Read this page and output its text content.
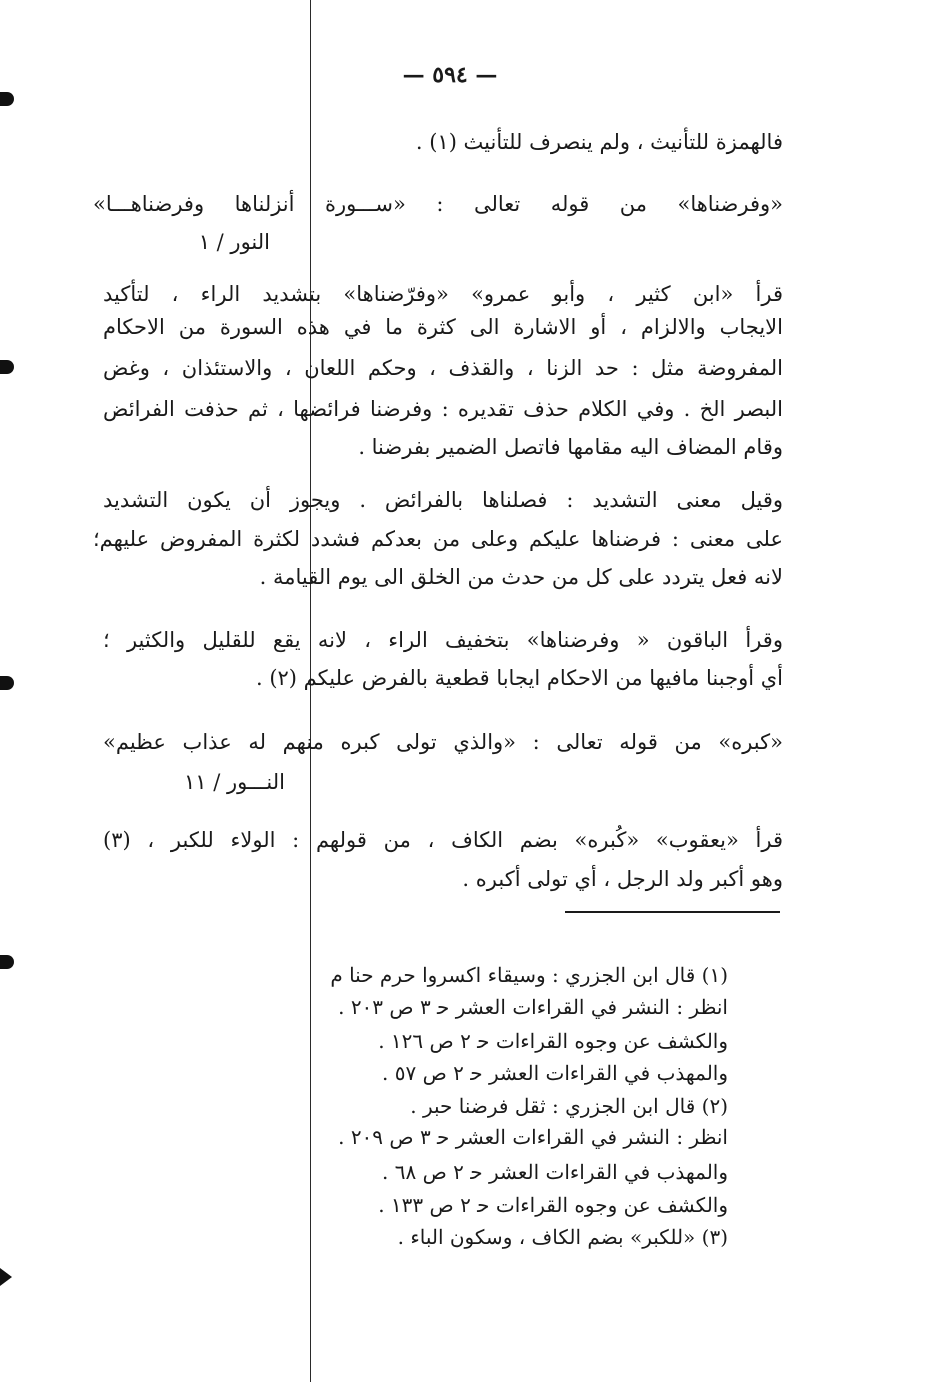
— ٥٩٤ —

فالهمزة للتأنيث ، ولم ينصرف للتأنيث (١) .

«وفرضناها» من قوله تعالى : «ســـورة أنزلناها وفرضناهـــا»

النور / ١

قرأ «ابن كثير ، وأبو عمرو» «وفرّضناها» بتشديد الراء ، لتأكيد

الايجاب والالزام ، أو الاشارة الى كثرة ما في هذه السورة من الاحكام

المفروضة مثل : حد الزنا ، والقذف ، وحكم اللعان ، والاستئذان ، وغض

البصر الخ . وفي الكلام حذف تقديره : وفرضنا فرائضها ، ثم حذفت الفرائض

وقام المضاف اليه مقامها فاتصل الضمير بفرضنا .

وقيل معنى التشديد : فصلناها بالفرائض . ويجوز أن يكون التشديد

على معنى : فرضناها عليكم وعلى من بعدكم فشدد لكثرة المفروض عليهم؛

لانه فعل يتردد على كل من حدث من الخلق الى يوم القيامة .

وقرأ الباقون « وفرضناها» بتخفيف الراء ، لانه يقع للقليل والكثير ؛

أي أوجبنا مافيها من الاحكام ايجابا قطعية بالفرض عليكم (٢) .

«كبره» من قوله تعالى : «والذي تولى كبره منهم له عذاب عظيم»

النـــور / ١١

قرأ «يعقوب» «كُبره» بضم الكاف ، من قولهم : الولاء للكبر ، (٣)

وهو أكبر ولد الرجل ، أي تولى أكبره .

(١) قال ابن الجزري : وسيقاء اكسروا حرم حنا م

انظر : النشر في القراءات العشر ﺣ ٣ ص ٢٠٣ .

والكشف عن وجوه القراءات ﺣ ٢ ص ١٢٦ .

والمهذب في القراءات العشر ﺣ ٢ ص ٥٧ .

(٢) قال ابن الجزري : ثقل فرضنا حبر .

انظر : النشر في القراءات العشر ﺣ ٣ ص ٢٠٩ .

والمهذب في القراءات العشر ﺣ ٢ ص ٦٨ .

والكشف عن وجوه القراءات ﺣ ٢ ص ١٣٣ .

(٣) «للكبر» بضم الكاف ، وسكون الباء .
